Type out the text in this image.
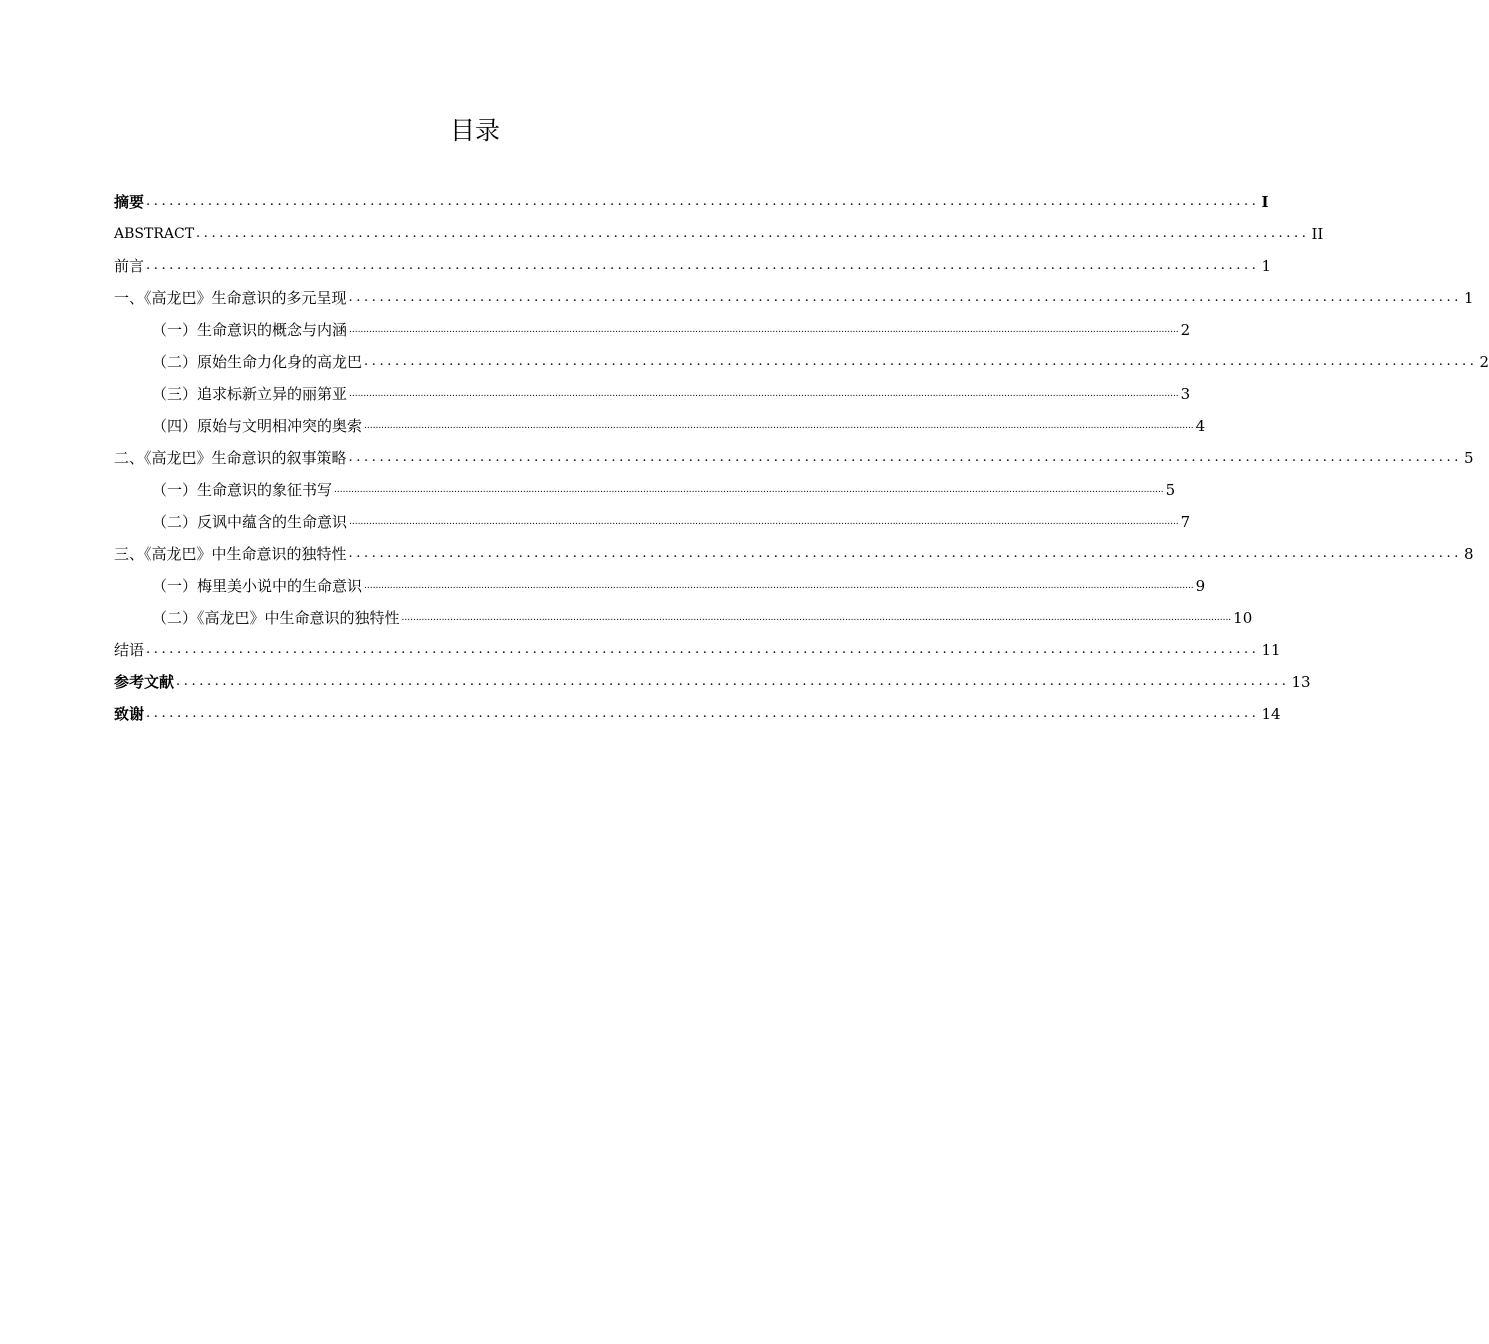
目录
摘要 ................................................................................................................................................ I
ABSTRACT ................................................................................................................................................ II
前言 ................................................................................................................................................ 1
一、《高龙巴》生命意识的多元呈现 ................................................................................................................................................ 1
（一）生命意识的概念与内涵 .................................................................................................................................................................................................................................................................................................. 2
（二）原始生命力化身的高龙巴 ................................................................................................................................................ 2
（三）追求标新立异的丽第亚 .................................................................................................................................................................................................................................................................................................. 3
（四）原始与文明相冲突的奥索 .................................................................................................................................................................................................................................................................................................. 4
二、《高龙巴》生命意识的叙事策略 ................................................................................................................................................ 5
（一）生命意识的象征书写 .................................................................................................................................................................................................................................................................................................. 5
（二）反讽中蕴含的生命意识 .................................................................................................................................................................................................................................................................................................. 7
三、《高龙巴》中生命意识的独特性 ................................................................................................................................................ 8
（一）梅里美小说中的生命意识 .................................................................................................................................................................................................................................................................................................. 9
（二）《高龙巴》中生命意识的独特性 .................................................................................................................................................................................................................................................................................................. 10
结语 ................................................................................................................................................ 11
参考文献 ................................................................................................................................................ 13
致谢 ................................................................................................................................................ 14
